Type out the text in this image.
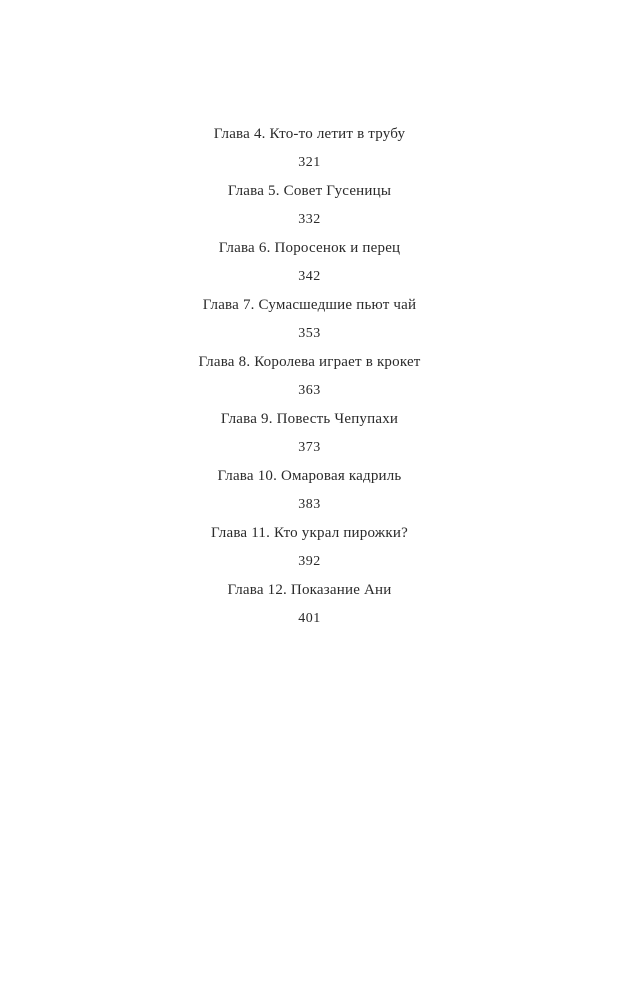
Глава 4. Кто-то летит в трубу
321
Глава 5. Совет Гусеницы
332
Глава 6. Поросенок и перец
342
Глава 7. Сумасшедшие пьют чай
353
Глава 8. Королева играет в крокет
363
Глава 9. Повесть Чепупахи
373
Глава 10. Омаровая кадриль
383
Глава 11. Кто украл пирожки?
392
Глава 12. Показание Ани
401
